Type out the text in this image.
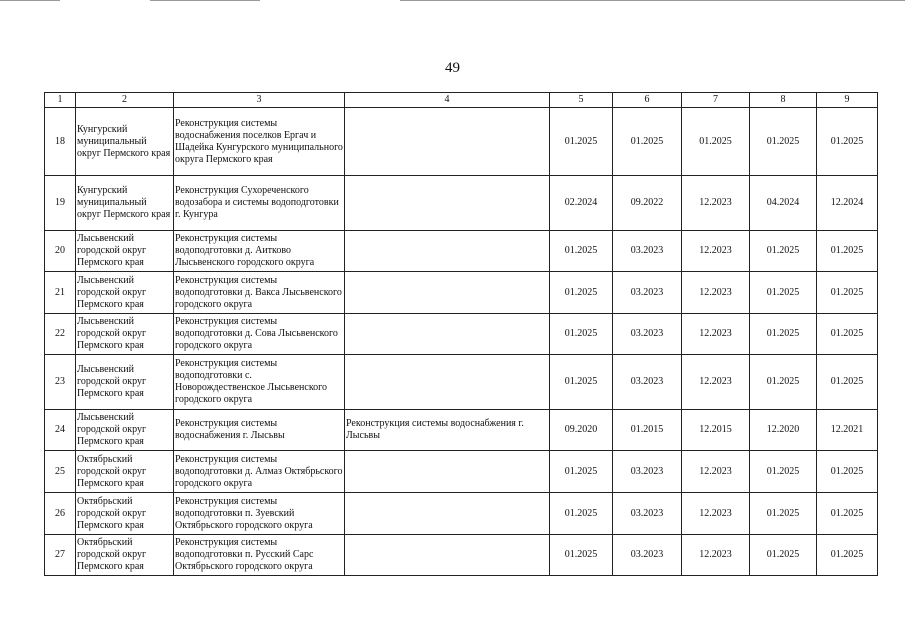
49
1	2	3	4	5	6	7	8	9
18	Кунгурский муниципальный округ Пермского края	Реконструкция системы водоснабжения поселков Ергач и Шадейка Кунгурского муниципального округа Пермского края		01.2025	01.2025	01.2025	01.2025	01.2025
19	Кунгурский муниципальный округ Пермского края	Реконструкция Сухореченского водозабора и системы водоподготовки г. Кунгура		02.2024	09.2022	12.2023	04.2024	12.2024
20	Лысьвенский городской округ Пермского края	Реконструкция системы водоподготовки д. Аитково Лысьвенского городского округа		01.2025	03.2023	12.2023	01.2025	01.2025
21	Лысьвенский городской округ Пермского края	Реконструкция системы водоподготовки д. Вакса Лысьвенского городского округа		01.2025	03.2023	12.2023	01.2025	01.2025
22	Лысьвенский городской округ Пермского края	Реконструкция системы водоподготовки д. Сова Лысьвенского городского округа		01.2025	03.2023	12.2023	01.2025	01.2025
23	Лысьвенский городской округ Пермского края	Реконструкция системы водоподготовки с. Новорождественское Лысьвенского городского округа		01.2025	03.2023	12.2023	01.2025	01.2025
24	Лысьвенский городской округ Пермского края	Реконструкция системы водоснабжения г. Лысьвы	Реконструкция системы водоснабжения г. Лысьвы	09.2020	01.2015	12.2015	12.2020	12.2021
25	Октябрьский городской округ Пермского края	Реконструкция системы водоподготовки д. Алмаз Октябрьского городского округа		01.2025	03.2023	12.2023	01.2025	01.2025
26	Октябрьский городской округ Пермского края	Реконструкция системы водоподготовки п. Зуевский Октябрьского городского округа		01.2025	03.2023	12.2023	01.2025	01.2025
27	Октябрьский городской округ Пермского края	Реконструкция системы водоподготовки п. Русский Сарс Октябрьского городского округа		01.2025	03.2023	12.2023	01.2025	01.2025
